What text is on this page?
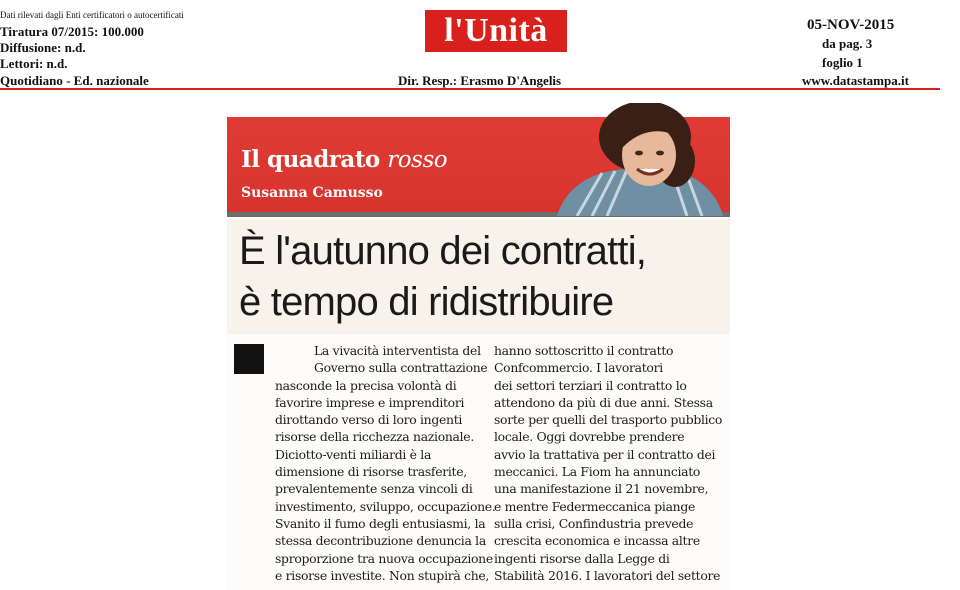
Dati rilevati dagli Enti certificatori o autocertificati
Tiratura 07/2015: 100.000
Diffusione: n.d.
Lettori: n.d.
Quotidiano - Ed. nazionale
l'Unità
Dir. Resp.: Erasmo D'Angelis
05-NOV-2015
da pag. 3
foglio 1
www.datastampa.it
Il quadrato rosso
Susanna Camusso
È l'autunno dei contratti,
è tempo di ridistribuire
La vivacità interventista del
Governo sulla contrattazione
nasconde la precisa volontà di
favorire imprese e imprenditori
dirottando verso di loro ingenti
risorse della ricchezza nazionale.
Diciotto-venti miliardi è la
dimensione di risorse trasferite,
prevalentemente senza vincoli di
investimento, sviluppo, occupazione.
Svanito il fumo degli entusiasmi, la
stessa decontribuzione denuncia la
sproporzione tra nuova occupazione
e risorse investite. Non stupirà che,
hanno sottoscritto il contratto
Confcommercio. I lavoratori
dei settori terziari il contratto lo
attendono da più di due anni. Stessa
sorte per quelli del trasporto pubblico
locale. Oggi dovrebbe prendere
avvio la trattativa per il contratto dei
meccanici. La Fiom ha annunciato
una manifestazione il 21 novembre,
e mentre Federmeccanica piange
sulla crisi, Confindustria prevede
crescita economica e incassa altre
ingenti risorse dalla Legge di
Stabilità 2016. I lavoratori del settore
